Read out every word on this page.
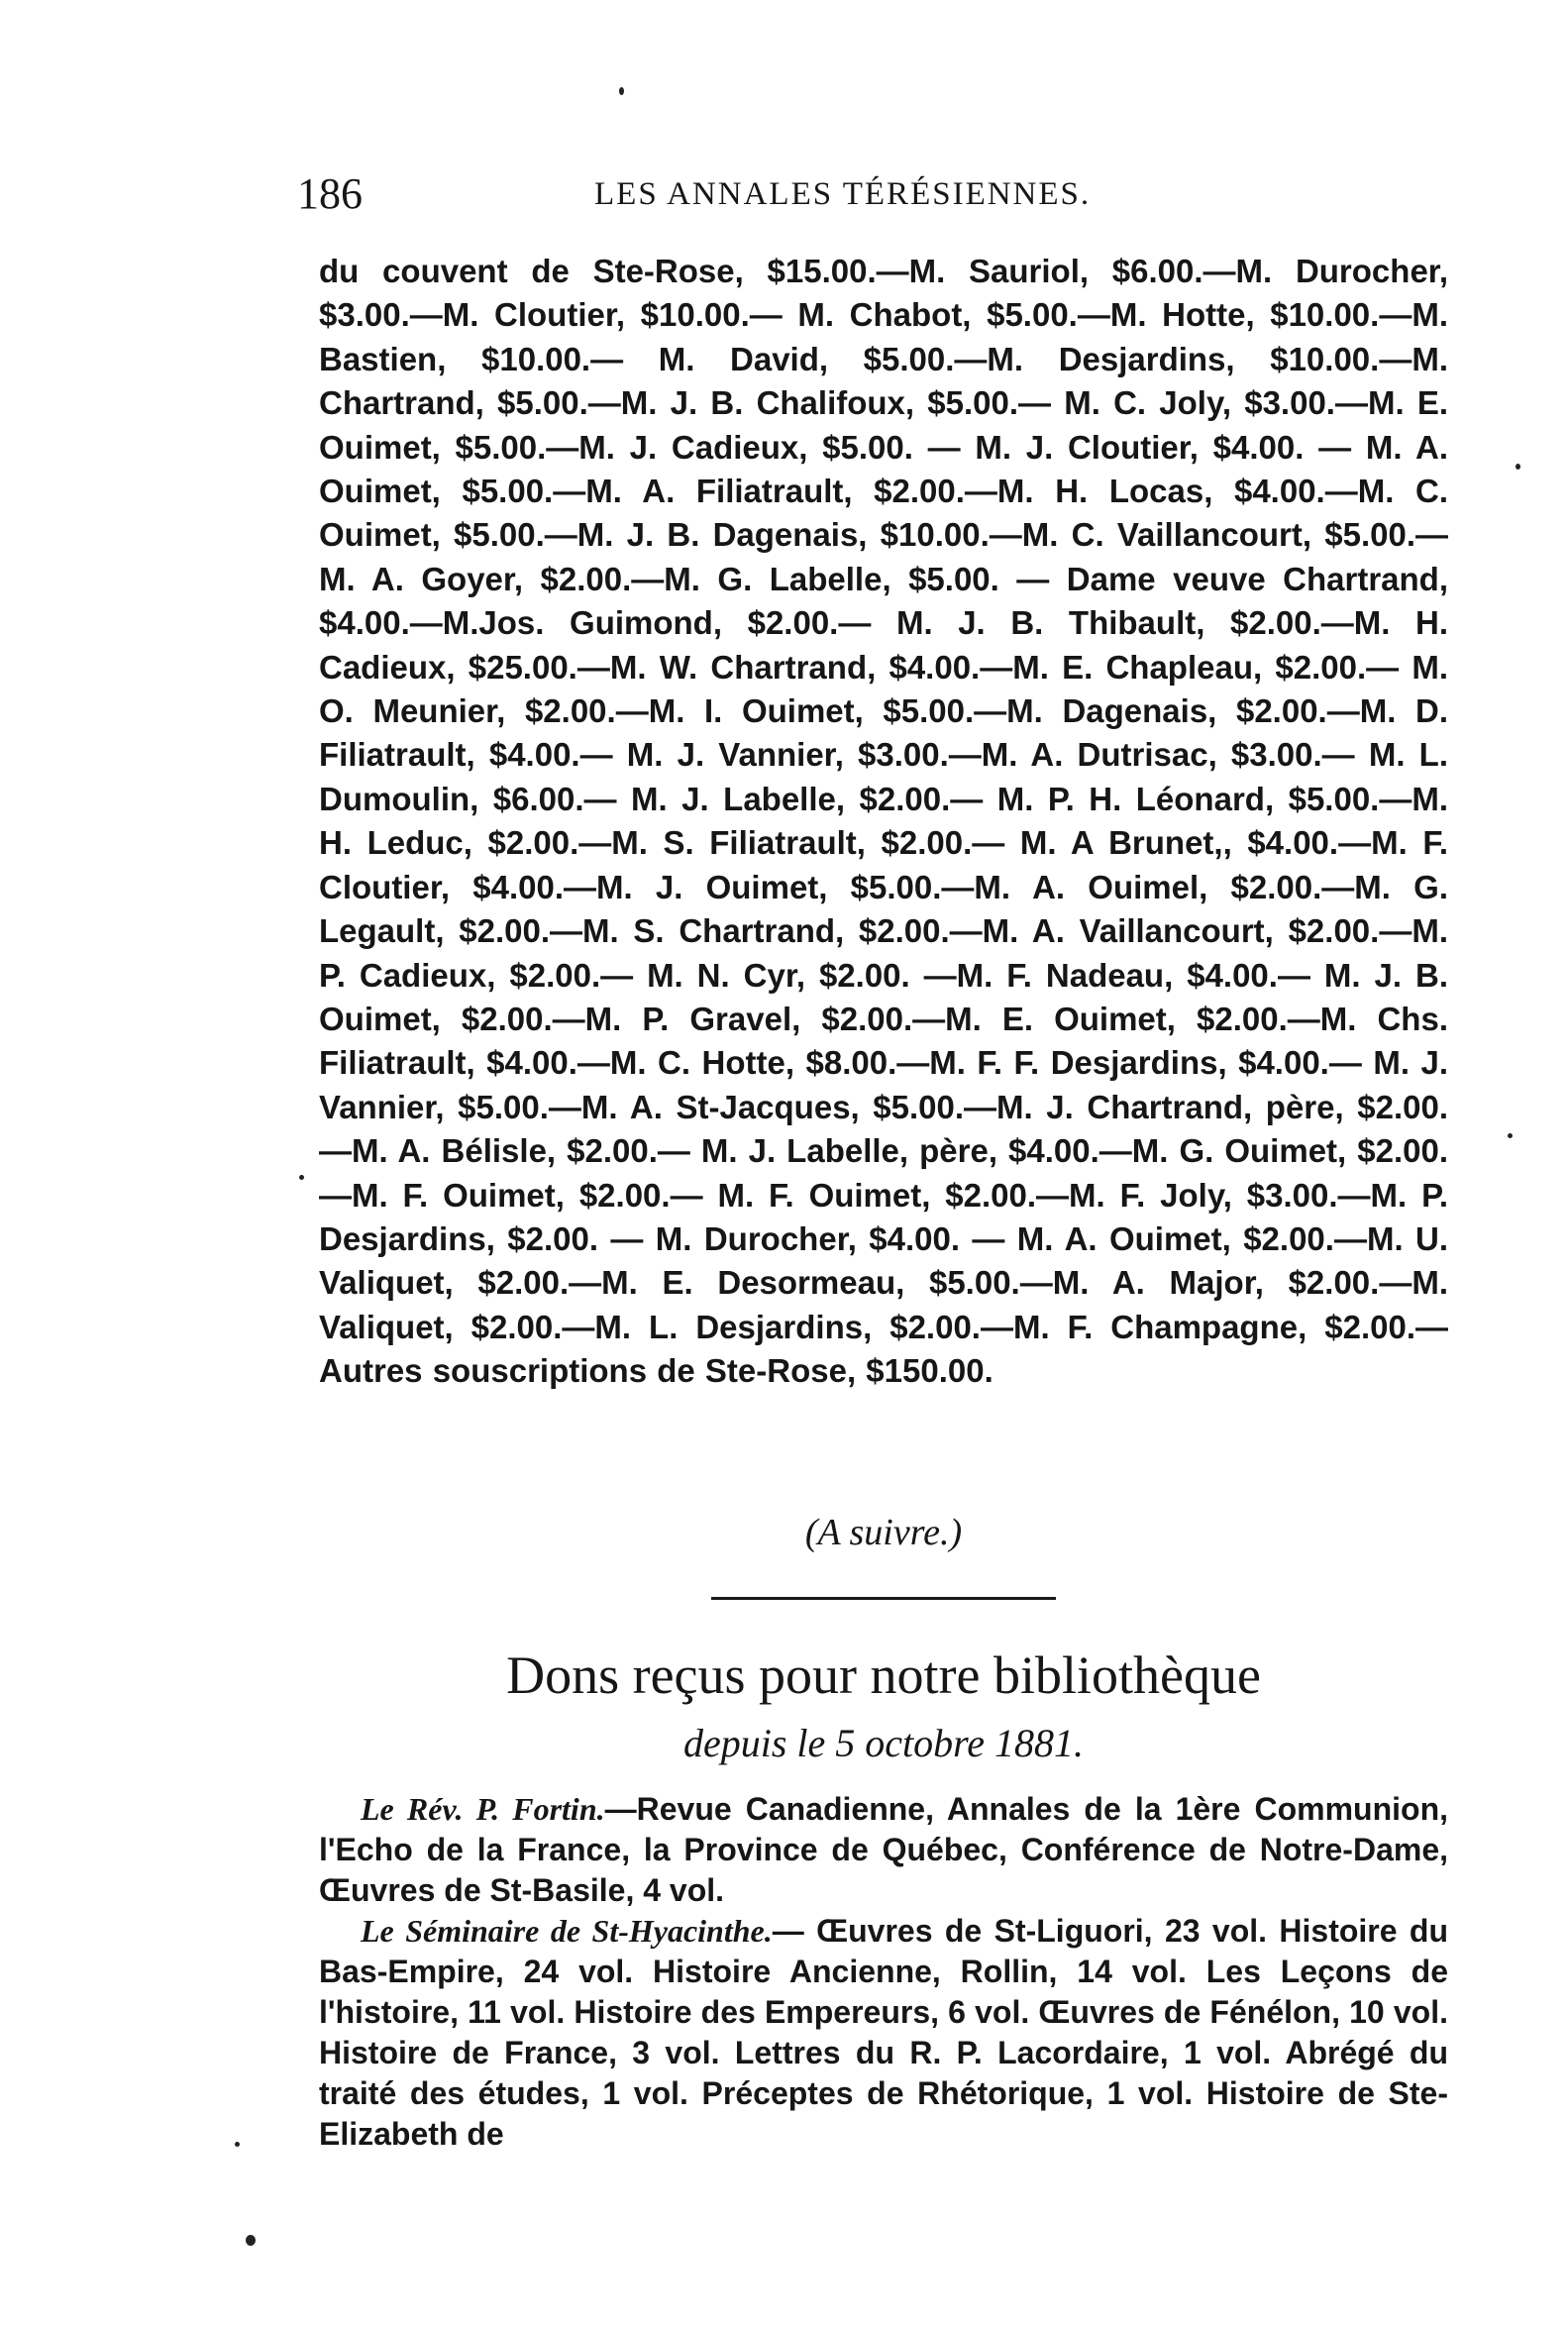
186	LES ANNALES TÉRÉSIENNES.
du couvent de Ste-Rose, $15.00.—M. Sauriol, $6.00.—M. Durocher, $3.00.—M. Cloutier, $10.00.— M. Chabot, $5.00.—M. Hotte, $10.00.—M. Bastien, $10.00.— M. David, $5.00.—M. Desjardins, $10.00.—M. Chartrand, $5.00.—M. J. B. Chalifoux, $5.00.— M. C. Joly, $3.00.—M. E. Ouimet, $5.00.—M. J. Cadieux, $5.00. — M. J. Cloutier, $4.00. — M. A. Ouimet, $5.00.—M. A. Filiatrault, $2.00.—M. H. Locas, $4.00.—M. C. Ouimet, $5.00.—M. J. B. Dagenais, $10.00.—M. C. Vaillancourt, $5.00.—M. A. Goyer, $2.00.—M. G. Labelle, $5.00. — Dame veuve Chartrand, $4.00.—M.Jos. Guimond, $2.00.— M. J. B. Thibault, $2.00.—M. H. Cadieux, $25.00.—M. W. Chartrand, $4.00.—M. E. Chapleau, $2.00.— M. O. Meunier, $2.00.—M. I. Ouimet, $5.00.—M. Dagenais, $2.00.—M. D. Filiatrault, $4.00.— M. J. Vannier, $3.00.—M. A. Dutrisac, $3.00.— M. L. Dumoulin, $6.00.— M. J. Labelle, $2.00.— M. P. H. Léonard, $5.00.—M. H. Leduc, $2.00.—M. S. Filiatrault, $2.00.— M. A Brunet,, $4.00.—M. F. Cloutier, $4.00.—M. J. Ouimet, $5.00.—M. A. Ouimel, $2.00.—M. G. Legault, $2.00.—M. S. Chartrand, $2.00.—M. A. Vaillancourt, $2.00.—M. P. Cadieux, $2.00.— M. N. Cyr, $2.00. —M. F. Nadeau, $4.00.— M. J. B. Ouimet, $2.00.—M. P. Gravel, $2.00.—M. E. Ouimet, $2.00.—M. Chs. Filiatrault, $4.00.—M. C. Hotte, $8.00.—M. F. F. Desjardins, $4.00.— M. J. Vannier, $5.00.—M. A. St-Jacques, $5.00.—M. J. Chartrand, père, $2.00.—M. A. Bélisle, $2.00.— M. J. Labelle, père, $4.00.—M. G. Ouimet, $2.00.—M. F. Ouimet, $2.00.— M. F. Ouimet, $2.00.—M. F. Joly, $3.00.—M. P. Desjardins, $2.00. — M. Durocher, $4.00. — M. A. Ouimet, $2.00.—M. U. Valiquet, $2.00.—M. E. Desormeau, $5.00.—M. A. Major, $2.00.—M. Valiquet, $2.00.—M. L. Desjardins, $2.00.—M. F. Champagne, $2.00.—Autres souscriptions de Ste-Rose, $150.00.
(A suivre.)
Dons reçus pour notre bibliothèque
depuis le 5 octobre 1881.

Le Rév. P. Fortin.—Revue Canadienne, Annales de la 1ère Communion, l'Echo de la France, la Province de Québec, Conférence de Notre-Dame, Œuvres de St-Basile, 4 vol.

Le Séminaire de St-Hyacinthe.— Œuvres de St-Liguori, 23 vol. Histoire du Bas-Empire, 24 vol. Histoire Ancienne, Rollin, 14 vol. Les Leçons de l'histoire, 11 vol. Histoire des Empereurs, 6 vol. Œuvres de Fénélon, 10 vol. Histoire de France, 3 vol. Lettres du R. P. Lacordaire, 1 vol. Abrégé du traité des études, 1 vol. Préceptes de Rhétorique, 1 vol. Histoire de Ste-Elizabeth de
